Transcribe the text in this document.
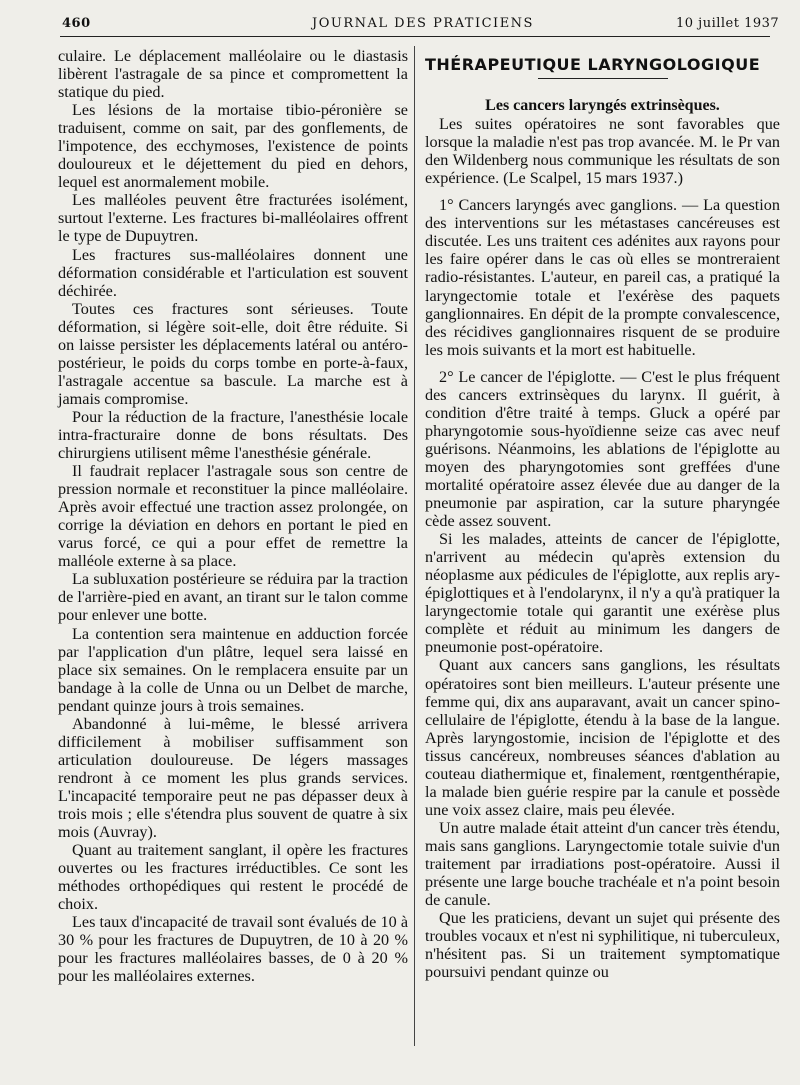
460	JOURNAL DES PRATICIENS	10 juillet 1937

culaire. Le déplacement malléolaire ou le diastasis libèrent l'astragale de sa pince et compromettent la statique du pied.

Les lésions de la mortaise tibio-péronière se traduisent, comme on sait, par des gonflements, de l'impotence, des ecchymoses, l'existence de points douloureux et le déjettement du pied en dehors, lequel est anormalement mobile.

Les malléoles peuvent être fracturées isolément, surtout l'externe. Les fractures bi-malléolaires offrent le type de Dupuytren.

Les fractures sus-malléolaires donnent une déformation considérable et l'articulation est souvent déchirée.

Toutes ces fractures sont sérieuses. Toute déformation, si légère soit-elle, doit être réduite. Si on laisse persister les déplacements latéral ou antéro-postérieur, le poids du corps tombe en porte-à-faux, l'astragale accentue sa bascule. La marche est à jamais compromise.

Pour la réduction de la fracture, l'anesthésie locale intra-fracturaire donne de bons résultats. Des chirurgiens utilisent même l'anesthésie générale.

Il faudrait replacer l'astragale sous son centre de pression normale et reconstituer la pince malléolaire. Après avoir effectué une traction assez prolongée, on corrige la déviation en dehors en portant le pied en varus forcé, ce qui a pour effet de remettre la malléole externe à sa place.

La subluxation postérieure se réduira par la traction de l'arrière-pied en avant, an tirant sur le talon comme pour enlever une botte.

La contention sera maintenue en adduction forcée par l'application d'un plâtre, lequel sera laissé en place six semaines. On le remplacera ensuite par un bandage à la colle de Unna ou un Delbet de marche, pendant quinze jours à trois semaines.

Abandonné à lui-même, le blessé arrivera difficilement à mobiliser suffisamment son articulation douloureuse. De légers massages rendront à ce moment les plus grands services. L'incapacité temporaire peut ne pas dépasser deux à trois mois ; elle s'étendra plus souvent de quatre à six mois (Auvray).

Quant au traitement sanglant, il opère les fractures ouvertes ou les fractures irréductibles. Ce sont les méthodes orthopédiques qui restent le procédé de choix.

Les taux d'incapacité de travail sont évalués de 10 à 30 % pour les fractures de Dupuytren, de 10 à 20 % pour les fractures malléolaires basses, de 0 à 20 % pour les malléolaires externes.

THÉRAPEUTIQUE LARYNGOLOGIQUE

Les cancers laryngés extrinsèques.

Les suites opératoires ne sont favorables que lorsque la maladie n'est pas trop avancée. M. le Pr van den Wildenberg nous communique les résultats de son expérience. (Le Scalpel, 15 mars 1937.)

1° Cancers laryngés avec ganglions. — La question des interventions sur les métastases cancéreuses est discutée. Les uns traitent ces adénites aux rayons pour les faire opérer dans le cas où elles se montreraient radio-résistantes. L'auteur, en pareil cas, a pratiqué la laryngectomie totale et l'exérèse des paquets ganglionnaires. En dépit de la prompte convalescence, des récidives ganglionnaires risquent de se produire les mois suivants et la mort est habituelle.

2° Le cancer de l'épiglotte. — C'est le plus fréquent des cancers extrinsèques du larynx. Il guérit, à condition d'être traité à temps. Gluck a opéré par pharyngotomie sous-hyoïdienne seize cas avec neuf guérisons. Néanmoins, les ablations de l'épiglotte au moyen des pharyngotomies sont greffées d'une mortalité opératoire assez élevée due au danger de la pneumonie par aspiration, car la suture pharyngée cède assez souvent.

Si les malades, atteints de cancer de l'épiglotte, n'arrivent au médecin qu'après extension du néoplasme aux pédicules de l'épiglotte, aux replis ary-épiglottiques et à l'endolarynx, il n'y a qu'à pratiquer la laryngectomie totale qui garantit une exérèse plus complète et réduit au minimum les dangers de pneumonie post-opératoire.

Quant aux cancers sans ganglions, les résultats opératoires sont bien meilleurs. L'auteur présente une femme qui, dix ans auparavant, avait un cancer spino-cellulaire de l'épiglotte, étendu à la base de la langue. Après laryngostomie, incision de l'épiglotte et des tissus cancéreux, nombreuses séances d'ablation au couteau diathermique et, finalement, rœntgenthérapie, la malade bien guérie respire par la canule et possède une voix assez claire, mais peu élevée.

Un autre malade était atteint d'un cancer très étendu, mais sans ganglions. Laryngectomie totale suivie d'un traitement par irradiations post-opératoire. Aussi il présente une large bouche trachéale et n'a point besoin de canule.

Que les praticiens, devant un sujet qui présente des troubles vocaux et n'est ni syphilitique, ni tuberculeux, n'hésitent pas. Si un traitement symptomatique poursuivi pendant quinze ou
